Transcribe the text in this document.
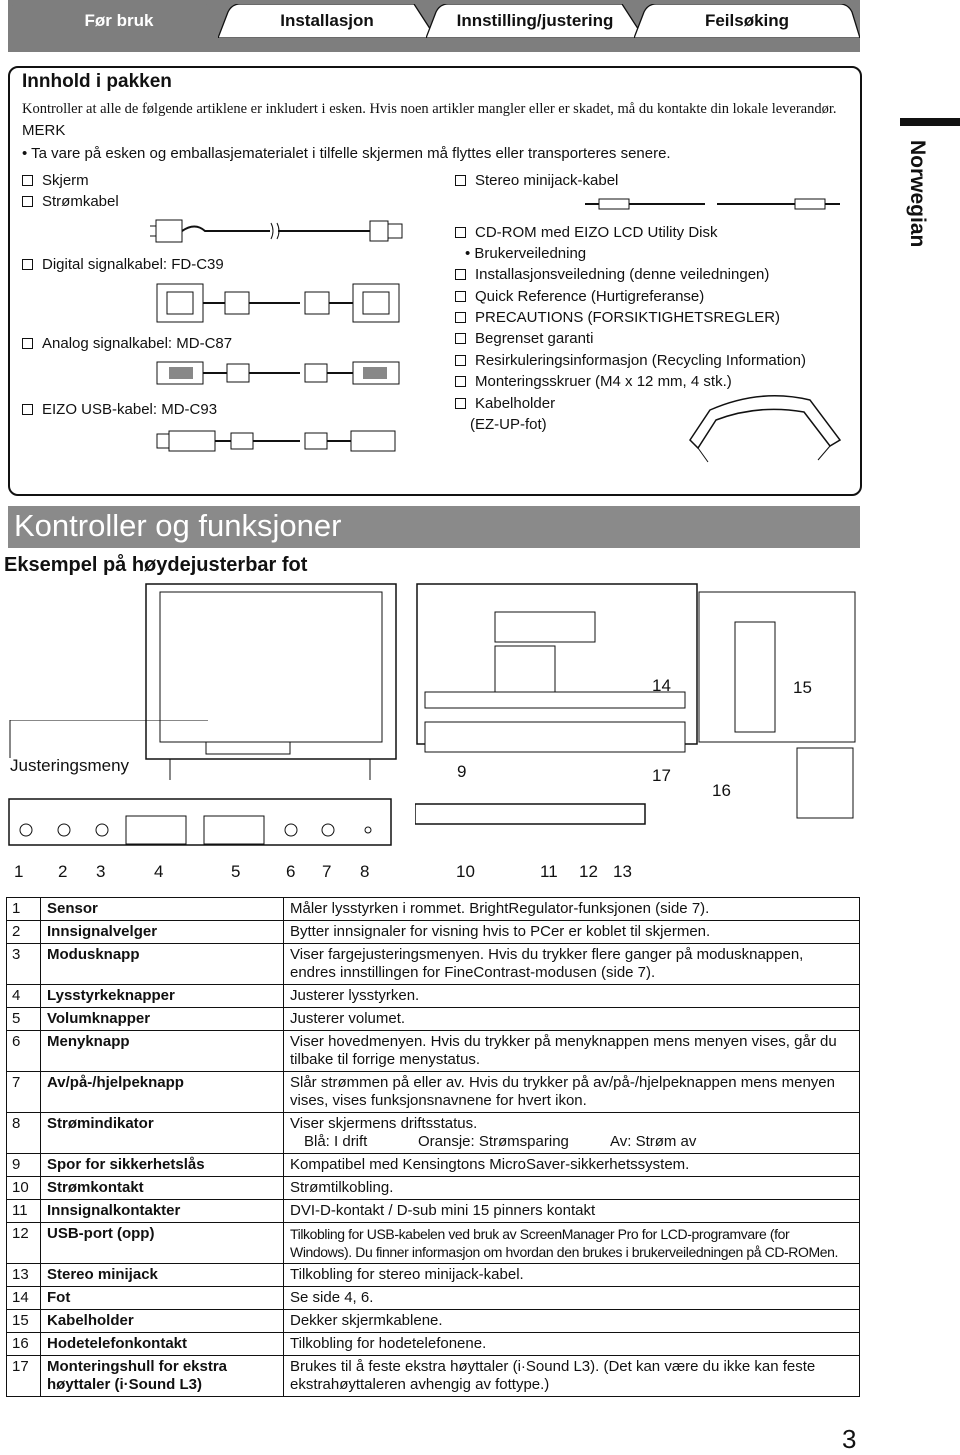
Før bruk	Installasjon	Innstilling/justering	Feilsøking
Norwegian
Innhold i pakken
Kontroller at alle de følgende artiklene er inkludert i esken. Hvis noen artikler mangler eller er skadet, må du kontakte din lokale leverandør.
MERK
• Ta vare på esken og emballasjematerialet i tilfelle skjermen må flyttes eller transporteres senere.
Skjerm
Strømkabel
Digital signalkabel: FD-C39
Analog signalkabel: MD-C87
EIZO USB-kabel: MD-C93
Stereo minijack-kabel
CD-ROM med EIZO LCD Utility Disk
• Brukerveiledning
Installasjonsveiledning (denne veiledningen)
Quick Reference (Hurtigreferanse)
PRECAUTIONS (FORSIKTIGHETSREGLER)
Begrenset garanti
Resirkuleringsinformasjon (Recycling Information)
Monteringsskruer (M4 x 12 mm, 4 stk.)
Kabelholder
(EZ-UP-fot)
Kontroller og funksjoner
Eksempel på høydejusterbar fot
Justeringsmeny
14	15
9	17
16
1 2 3	4	5	6 7 8	10	11 12 13
1	Sensor	Måler lysstyrken i rommet. BrightRegulator-funksjonen (side 7).
2	Innsignalvelger	Bytter innsignaler for visning hvis to PCer er koblet til skjermen.
3	Modusknapp	Viser fargejusteringsmenyen. Hvis du trykker flere ganger på modusknappen, endres innstillingen for FineContrast-modusen (side 7).
4	Lysstyrkeknapper	Justerer lysstyrken.
5	Volumknapper	Justerer volumet.
6	Menyknapp	Viser hovedmenyen. Hvis du trykker på menyknappen mens menyen vises, går du tilbake til forrige menystatus.
7	Av/på-/hjelpeknapp	Slår strømmen på eller av. Hvis du trykker på av/på-/hjelpeknappen mens menyen vises, vises funksjonsnavnene for hvert ikon.
8	Strømindikator	Viser skjermens driftsstatus.
Blå: I drift Oransje: Strømsparing Av: Strøm av

9	Spor for sikkerhetslås	Kompatibel med Kensingtons MicroSaver-sikkerhetssystem.
10	Strømkontakt	Strømtilkobling.
11	Innsignalkontakter	DVI-D-kontakt / D-sub mini 15 pinners kontakt
12	USB-port (opp)	Tilkobling for USB-kabelen ved bruk av ScreenManager Pro for LCD-programvare (for Windows). Du finner informasjon om hvordan den brukes i brukerveiledningen på CD-ROMen.
13	Stereo minijack	Tilkobling for stereo minijack-kabel.
14	Fot	Se side 4, 6.
15	Kabelholder	Dekker skjermkablene.
16	Hodetelefonkontakt	Tilkobling for hodetelefonene.
17	Monteringshull for ekstra høyttaler (i·Sound L3)	Brukes til å feste ekstra høyttaler (i·Sound L3). (Det kan være du ikke kan feste ekstrahøyttaleren avhengig av fottype.)
3
